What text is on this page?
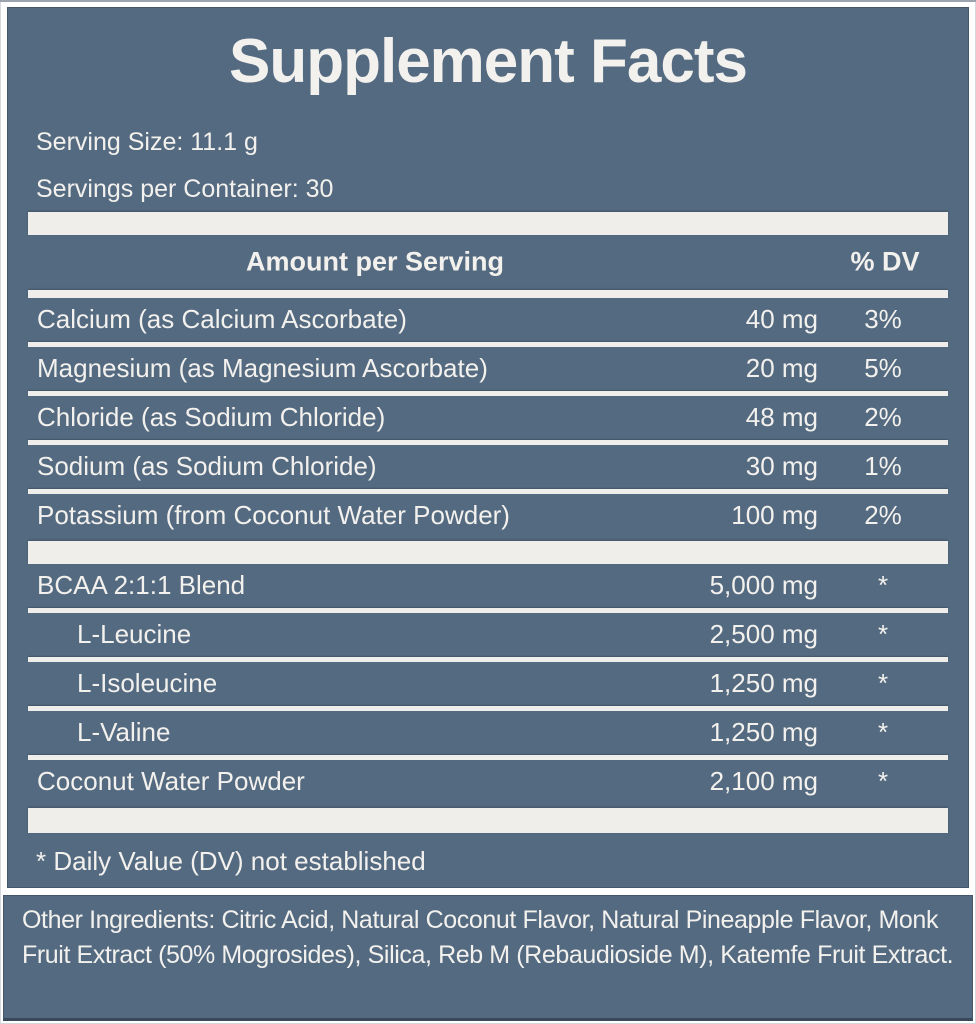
Supplement Facts
Serving Size: 11.1 g
Servings per Container: 30
Amount per Serving	% DV
Calcium (as Calcium Ascorbate)	40 mg	3%
Magnesium (as Magnesium Ascorbate)	20 mg	5%
Chloride (as Sodium Chloride)	48 mg	2%
Sodium (as Sodium Chloride)	30 mg	1%
Potassium (from Coconut Water Powder)	100 mg	2%
BCAA 2:1:1 Blend	5,000 mg	*
L-Leucine	2,500 mg	*
L-Isoleucine	1,250 mg	*
L-Valine	1,250 mg	*
Coconut Water Powder	2,100 mg	*
* Daily Value (DV) not established

Other Ingredients: Citric Acid, Natural Coconut Flavor, Natural Pineapple Flavor, Monk Fruit Extract (50% Mogrosides), Silica, Reb M (Rebaudioside M), Katemfe Fruit Extract.
